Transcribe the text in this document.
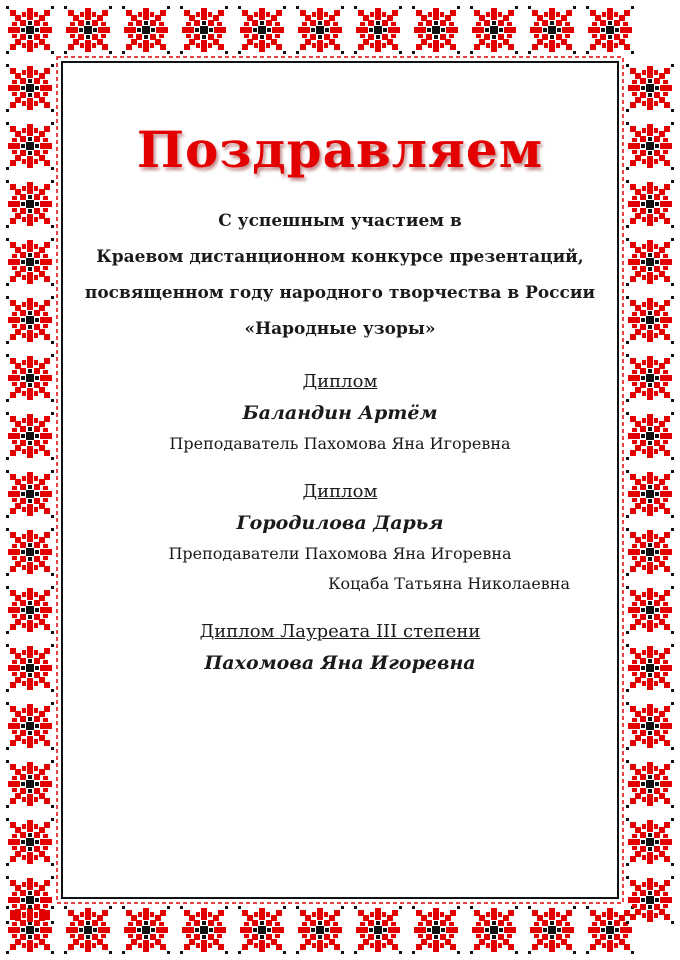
Поздравляем
С успешным участием в
Краевом дистанционном конкурсе презентаций,
посвященном году народного творчества в России
«Народные узоры»
Диплом
Баландин Артём
Преподаватель Пахомова Яна Игоревна
Диплом
Городилова Дарья
Преподаватели Пахомова Яна Игоревна
Коцаба Татьяна Николаевна
Диплом Лауреата III степени
Пахомова Яна Игоревна
